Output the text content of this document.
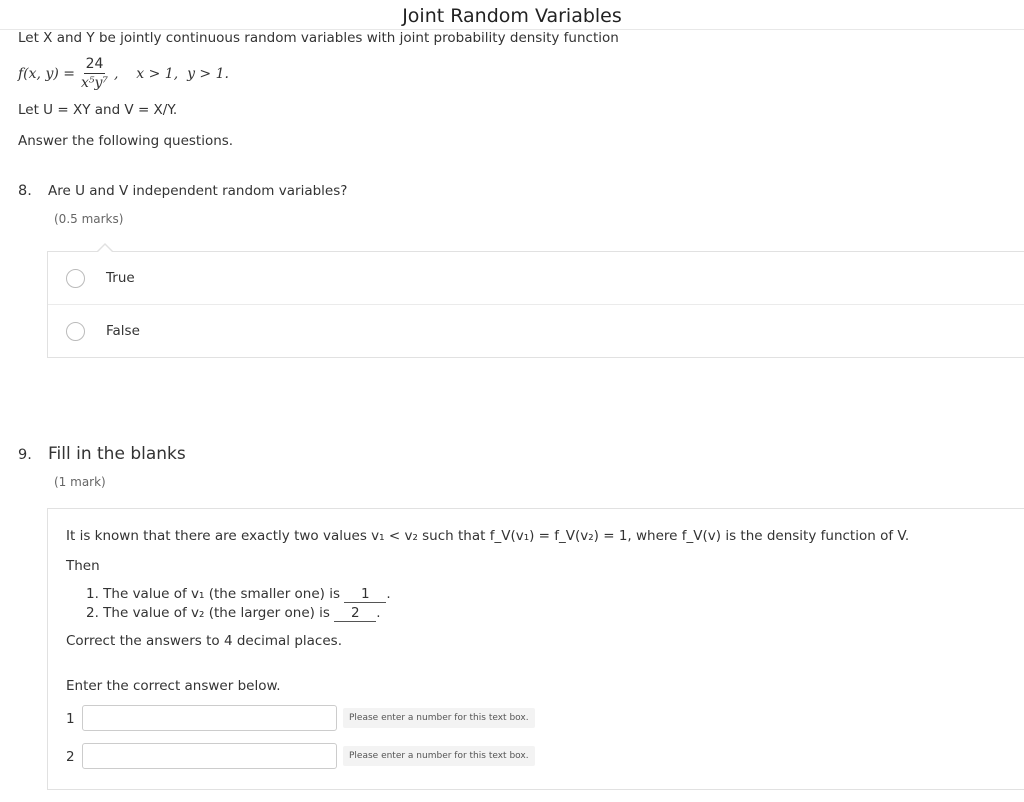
Joint Random Variables
Let X and Y be jointly continuous random variables with joint probability density function
f(x, $y) = \frac{24}{\text{x⁵y⁷}}$ ,    x > 1,  y > 1.
Let U = XY and V = X/Y.
Answer the following questions.
8. Are U and V independent random variables?
(0.5 marks)
True
False
9. Fill in the blanks
(1 mark)
It is known that there are exactly two values v₁ < v₂ such that f_V(v₁) = f_V(v₂) = 1, where f_V(v) is the density function of V.
Then
1. The value of v₁ (the smaller one) is 1 .
2. The value of v₂ (the larger one) is 2 .
Correct the answers to 4 decimal places.
Enter the correct answer below.
1	Please enter a number for this text box.
2	Please enter a number for this text box.
